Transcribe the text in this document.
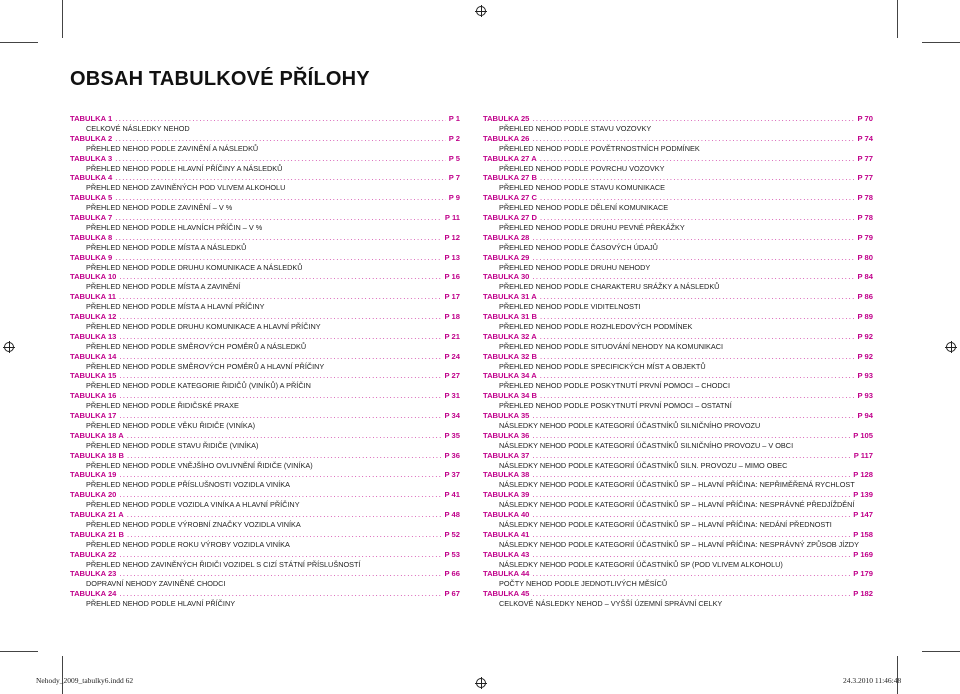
OBSAH TABULKOVÉ PŘÍLOHY
TABULKA 1 .....	P 1
CELKOVÉ NÁSLEDKY NEHOD
TABULKA 2 .....	P 2
PŘEHLED NEHOD PODLE ZAVINĚNÍ A NÁSLEDKŮ
TABULKA 3 .....	P 5
PŘEHLED NEHOD PODLE HLAVNÍ PŘÍČINY A NÁSLEDKŮ
TABULKA 4 .....	P 7
PŘEHLED NEHOD ZAVINĚNÝCH POD VLIVEM ALKOHOLU
TABULKA 5 .....	P 9
PŘEHLED NEHOD PODLE ZAVINĚNÍ – V %
TABULKA 7 .....	P 11
PŘEHLED NEHOD PODLE HLAVNÍCH PŘÍČIN – V %
TABULKA 8 .....	P 12
PŘEHLED NEHOD PODLE MÍSTA A NÁSLEDKŮ
TABULKA 9 .....	P 13
PŘEHLED NEHOD PODLE DRUHU KOMUNIKACE A NÁSLEDKŮ
TABULKA 10 .....	P 16
PŘEHLED NEHOD PODLE MÍSTA A ZAVINĚNÍ
TABULKA 11 .....	P 17
PŘEHLED NEHOD PODLE MÍSTA A HLAVNÍ PŘÍČINY
TABULKA 12 .....	P 18
PŘEHLED NEHOD PODLE DRUHU KOMUNIKACE A HLAVNÍ PŘÍČINY
TABULKA 13 .....	P 21
PŘEHLED NEHOD PODLE SMĚROVÝCH POMĚRŮ A NÁSLEDKŮ
TABULKA 14 .....	P 24
PŘEHLED NEHOD PODLE SMĚROVÝCH POMĚRŮ A HLAVNÍ PŘÍČINY
TABULKA 15 .....	P 27
PŘEHLED NEHOD PODLE KATEGORIE ŘIDIČŮ (VINÍKŮ) A PŘÍČIN
TABULKA 16 .....	P 31
PŘEHLED NEHOD PODLE ŘIDIČSKÉ PRAXE
TABULKA 17 .....	P 34
PŘEHLED NEHOD PODLE VĚKU ŘIDIČE (VINÍKA)
TABULKA 18 A .....	P 35
PŘEHLED NEHOD PODLE STAVU ŘIDIČE (VINÍKA)
TABULKA 18 B .....	P 36
PŘEHLED NEHOD PODLE VNĚJŠÍHO OVLIVNĚNÍ ŘIDIČE (VINÍKA)
TABULKA 19 .....	P 37
PŘEHLED NEHOD PODLE PŘÍSLUŠNOSTI VOZIDLA VINÍKA
TABULKA 20 .....	P 41
PŘEHLED NEHOD PODLE VOZIDLA VINÍKA A HLAVNÍ PŘÍČINY
TABULKA 21 A .....	P 48
PŘEHLED NEHOD PODLE VÝROBNÍ ZNAČKY VOZIDLA VINÍKA
TABULKA 21 B .....	P 52
PŘEHLED NEHOD PODLE ROKU VÝROBY VOZIDLA VINÍKA
TABULKA 22 .....	P 53
PŘEHLED NEHOD ZAVINĚNÝCH ŘIDIČI VOZIDEL S CIZÍ STÁTNÍ PŘÍSLUŠNOSTÍ
TABULKA 23 .....	P 66
DOPRAVNÍ NEHODY ZAVINĚNÉ CHODCI
TABULKA 24 .....	P 67
PŘEHLED NEHOD PODLE HLAVNÍ PŘÍČINY
TABULKA 25 .....	P 70
PŘEHLED NEHOD PODLE STAVU VOZOVKY
TABULKA 26 .....	P 74
PŘEHLED NEHOD PODLE POVĚTRNOSTNÍCH PODMÍNEK
TABULKA 27 A .....	P 77
PŘEHLED NEHOD PODLE POVRCHU VOZOVKY
TABULKA 27 B .....	P 77
PŘEHLED NEHOD PODLE STAVU KOMUNIKACE
TABULKA 27 C .....	P 78
PŘEHLED NEHOD PODLE DĚLENÍ KOMUNIKACE
TABULKA 27 D .....	P 78
PŘEHLED NEHOD PODLE DRUHU PEVNÉ PŘEKÁŽKY
TABULKA 28 .....	P 79
PŘEHLED NEHOD PODLE ČASOVÝCH ÚDAJŮ
TABULKA 29 .....	P 80
PŘEHLED NEHOD PODLE DRUHU NEHODY
TABULKA 30 .....	P 84
PŘEHLED NEHOD PODLE CHARAKTERU SRÁŽKY A NÁSLEDKŮ
TABULKA 31 A .....	P 86
PŘEHLED NEHOD PODLE VIDITELNOSTI
TABULKA 31 B .....	P 89
PŘEHLED NEHOD PODLE ROZHLEDOVÝCH PODMÍNEK
TABULKA 32 A .....	P 92
PŘEHLED NEHOD PODLE SITUOVÁNÍ NEHODY NA KOMUNIKACI
TABULKA 32 B .....	P 92
PŘEHLED NEHOD PODLE SPECIFICKÝCH MÍST A OBJEKTŮ
TABULKA 34 A .....	P 93
PŘEHLED NEHOD PODLE POSKYTNUTÍ PRVNÍ POMOCI – CHODCI
TABULKA 34 B .....	P 93
PŘEHLED NEHOD PODLE POSKYTNUTÍ PRVNÍ POMOCI – OSTATNÍ
TABULKA 35 .....	P 94
NÁSLEDKY NEHOD PODLE KATEGORIÍ ÚČASTNÍKŮ SILNIČNÍHO PROVOZU
TABULKA 36 .....	P 105
NÁSLEDKY NEHOD PODLE KATEGORIÍ ÚČASTNÍKŮ SILNIČNÍHO PROVOZU – V OBCI
TABULKA 37 .....	P 117
NÁSLEDKY NEHOD PODLE KATEGORIÍ ÚČASTNÍKŮ SILN. PROVOZU – MIMO OBEC
TABULKA 38 .....	P 128
NÁSLEDKY NEHOD PODLE KATEGORIÍ ÚČASTNÍKŮ SP – HLAVNÍ PŘÍČINA: NEPŘIMĚŘENÁ RYCHLOST
TABULKA 39 .....	P 139
NÁSLEDKY NEHOD PODLE KATEGORIÍ ÚČASTNÍKŮ SP – HLAVNÍ PŘÍČINA: NESPRÁVNÉ PŘEDJÍŽDĚNÍ
TABULKA 40 .....	P 147
NÁSLEDKY NEHOD PODLE KATEGORIÍ ÚČASTNÍKŮ SP – HLAVNÍ PŘÍČINA: NEDÁNÍ PŘEDNOSTI
TABULKA 41 .....	P 158
NÁSLEDKY NEHOD PODLE KATEGORIÍ ÚČASTNÍKŮ SP – HLAVNÍ PŘÍČINA: NESPRÁVNÝ ZPŮSOB JÍZDY
TABULKA 43 .....	P 169
NÁSLEDKY NEHOD PODLE KATEGORIÍ ÚČASTNÍKŮ SP (POD VLIVEM ALKOHOLU)
TABULKA 44 .....	P 179
POČTY NEHOD PODLE JEDNOTLIVÝCH MĚSÍCŮ
TABULKA 45 .....	P 182
CELKOVÉ NÁSLEDKY NEHOD – VYŠŠÍ ÚZEMNÍ SPRÁVNÍ CELKY
Nehody_2009_tabulky6.indd 62	24.3.2010 11:46:48
